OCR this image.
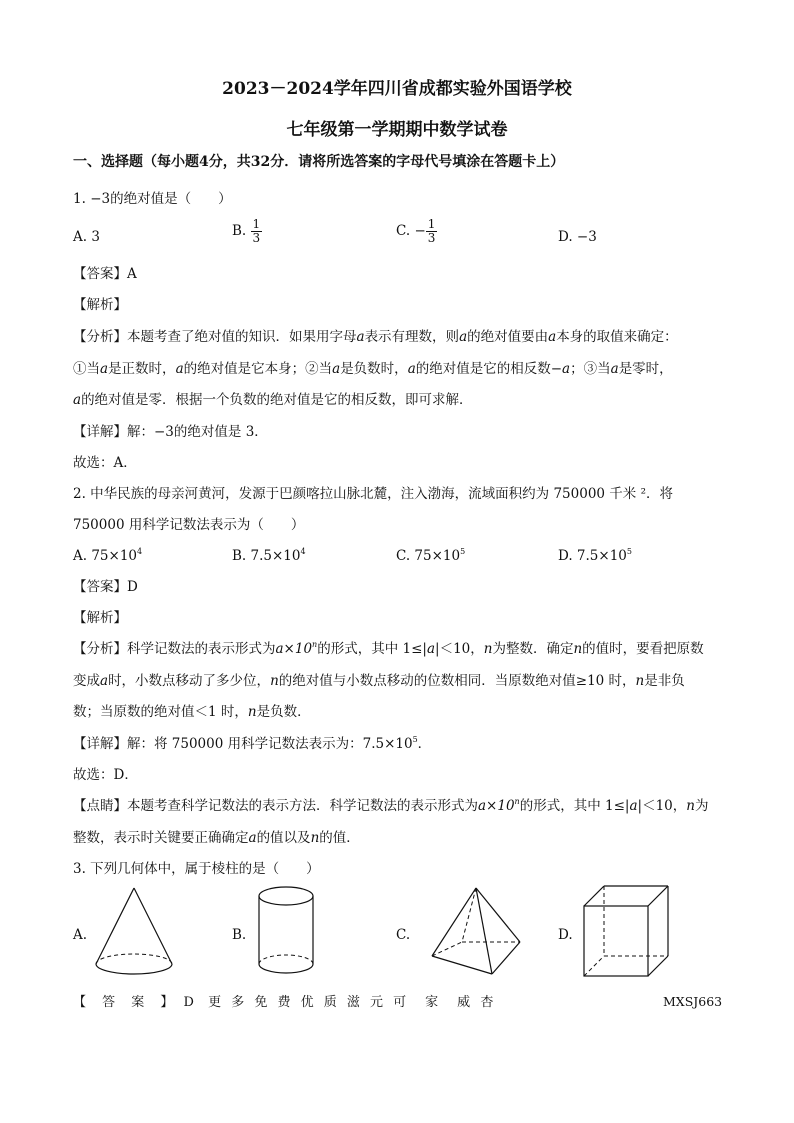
2023－2024学年四川省成都实验外国语学校
七年级第一学期期中数学试卷
一、选择题（每小题4分，共32分．请将所选答案的字母代号填涂在答题卡上）
1. −3的绝对值是（　　）
A. 3	B. $\frac{1}{3}$	C. − $\frac{1}{3}$	D. −3
【答案】A
【解析】
【分析】本题考查了绝对值的知识．如果用字母a表示有理数，则a的绝对值要由a本身的取值来确定：
①当a是正数时，a的绝对值是它本身；②当a是负数时，a的绝对值是它的相反数−a；③当a是零时，
a的绝对值是零．根据一个负数的绝对值是它的相反数，即可求解．
【详解】解：−3的绝对值是 3．
故选：A．
2. 中华民族的母亲河黄河，发源于巴颜喀拉山脉北麓，注入渤海，流域面积约为 750000 千米 ²．将
750000 用科学记数法表示为（　　）
A. $75\times 10^4$	B. $7.5\times 10^4$	C. $75\times 10^5$	D. $7.5\times 10^5$
【答案】D
【解析】
【分析】科学记数法的表示形式为$a\times 10^n$的形式，其中 1≤|a|＜10，n为整数．确定n的值时，要看把原数
变成a时，小数点移动了多少位，n的绝对值与小数点移动的位数相同．当原数绝对值≥10 时，n是非负
数；当原数的绝对值＜1 时，n是负数．
【详解】解：将 750000 用科学记数法表示为：$7.5\times 10^5$．
故选：D．
【点睛】本题考查科学记数法的表示方法．科学记数法的表示形式为$a\times 10^n$的形式，其中 1≤|a|＜10，n为
整数，表示时关键要正确确定a的值以及n的值．
3. 下列几何体中，属于棱柱的是（　　）
A.	B.	C.	D.
【 答 案 】 D 更 多 免 费 优 质 滋 元 可　家　威 杏	MXSJ663
